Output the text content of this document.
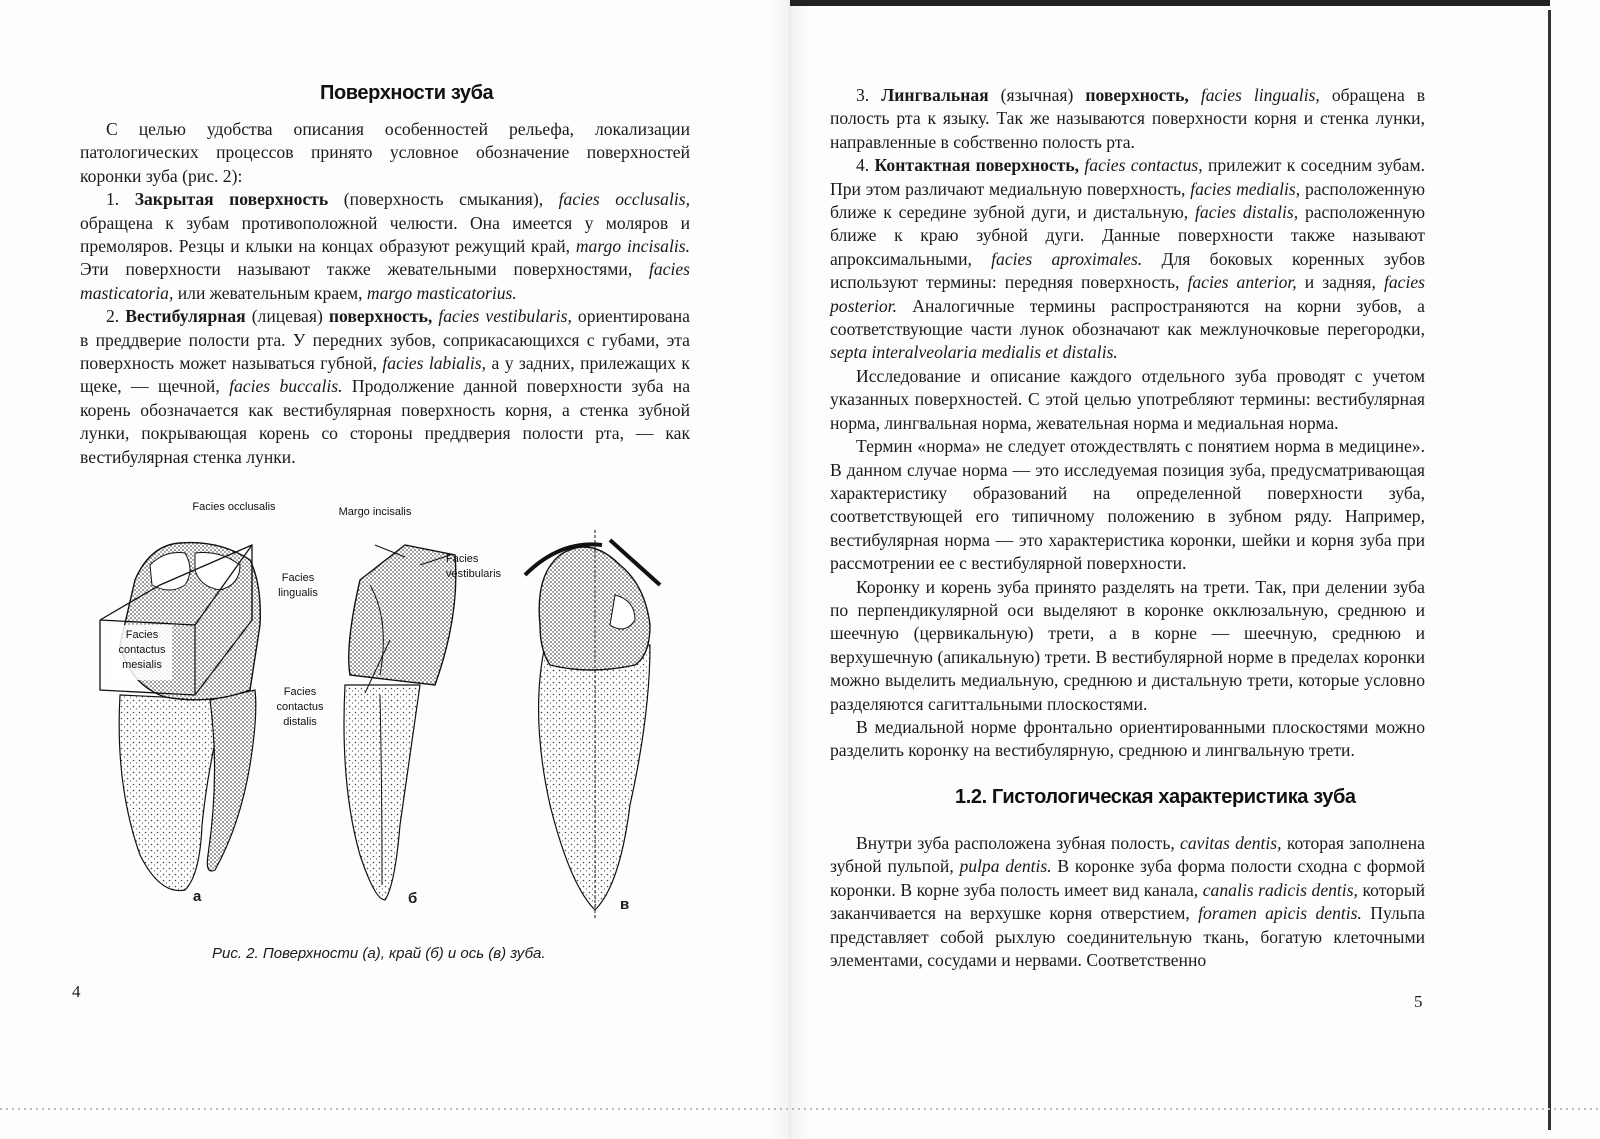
Поверхности зуба

С целью удобства описания особенностей рельефа, локализации патологических процессов принято условное обозначение поверхностей коронки зуба (рис. 2):

1. Закрытая поверхность (поверхность смыкания), facies occlusalis, обращена к зубам противоположной челюсти. Она имеется у моляров и премоляров. Резцы и клыки на концах образуют режущий край, margo incisalis. Эти поверхности называют также жевательными поверхностями, facies masticatoria, или жевательным краем, margo masticatorius.

2. Вестибулярная (лицевая) поверхность, facies vestibularis, ориентирована в преддверие полости рта. У передних зубов, соприкасающихся с губами, эта поверхность может называться губной, facies labialis, а у задних, прилежащих к щеке, — щечной, facies buccalis. Продолжение данной поверхности зуба на корень обозначается как вестибулярная поверхность корня, а стенка зубной лунки, покрывающая корень со стороны преддверия полости рта, — как вестибулярная стенка лунки.

Facies occlusalis	Margo incisalis
Facies lingualis
Facies vestibularis
Facies contactus mesialis
Facies contactus distalis
а	б	в
Рис. 2. Поверхности (а), край (б) и ось (в) зуба.
4

3. Лингвальная (язычная) поверхность, facies lingualis, обращена в полость рта к языку. Так же называются поверхности корня и стенка лунки, направленные в собственно полость рта.

4. Контактная поверхность, facies contactus, прилежит к соседним зубам. При этом различают медиальную поверхность, facies medialis, расположенную ближе к середине зубной дуги, и дистальную, facies distalis, расположенную ближе к краю зубной дуги. Данные поверхности также называют апроксимальными, facies aproximales. Для боковых коренных зубов используют термины: передняя поверхность, facies anterior, и задняя, facies posterior. Аналогичные термины распространяются на корни зубов, а соответствующие части лунок обозначают как межлуночковые перегородки, septa interalveolaria medialis et distalis.

Исследование и описание каждого отдельного зуба проводят с учетом указанных поверхностей. С этой целью употребляют термины: вестибулярная норма, лингвальная норма, жевательная норма и медиальная норма.

Термин «норма» не следует отождествлять с понятием норма в медицине». В данном случае норма — это исследуемая позиция зуба, предусматривающая характеристику образований на определенной поверхности зуба, соответствующей его типичному положению в зубном ряду. Например, вестибулярная норма — это характеристика коронки, шейки и корня зуба при рассмотрении ее с вестибулярной поверхности.

Коронку и корень зуба принято разделять на трети. Так, при делении зуба по перпендикулярной оси выделяют в коронке окклюзальную, среднюю и шеечную (цервикальную) трети, а в корне — шеечную, среднюю и верхушечную (апикальную) трети. В вестибулярной норме в пределах коронки можно выделить медиальную, среднюю и дистальную трети, которые условно разделяются сагиттальными плоскостями.

В медиальной норме фронтально ориентированными плоскостями можно разделить коронку на вестибулярную, среднюю и лингвальную трети.

1.2. Гистологическая характеристика зуба

Внутри зуба расположена зубная полость, cavitas dentis, которая заполнена зубной пульпой, pulpa dentis. В коронке зуба форма полости сходна с формой коронки. В корне зуба полость имеет вид канала, canalis radicis dentis, который заканчивается на верхушке корня отверстием, foramen apicis dentis. Пульпа представляет собой рыхлую соединительную ткань, богатую клеточными элементами, сосудами и нервами. Соответственно

5
